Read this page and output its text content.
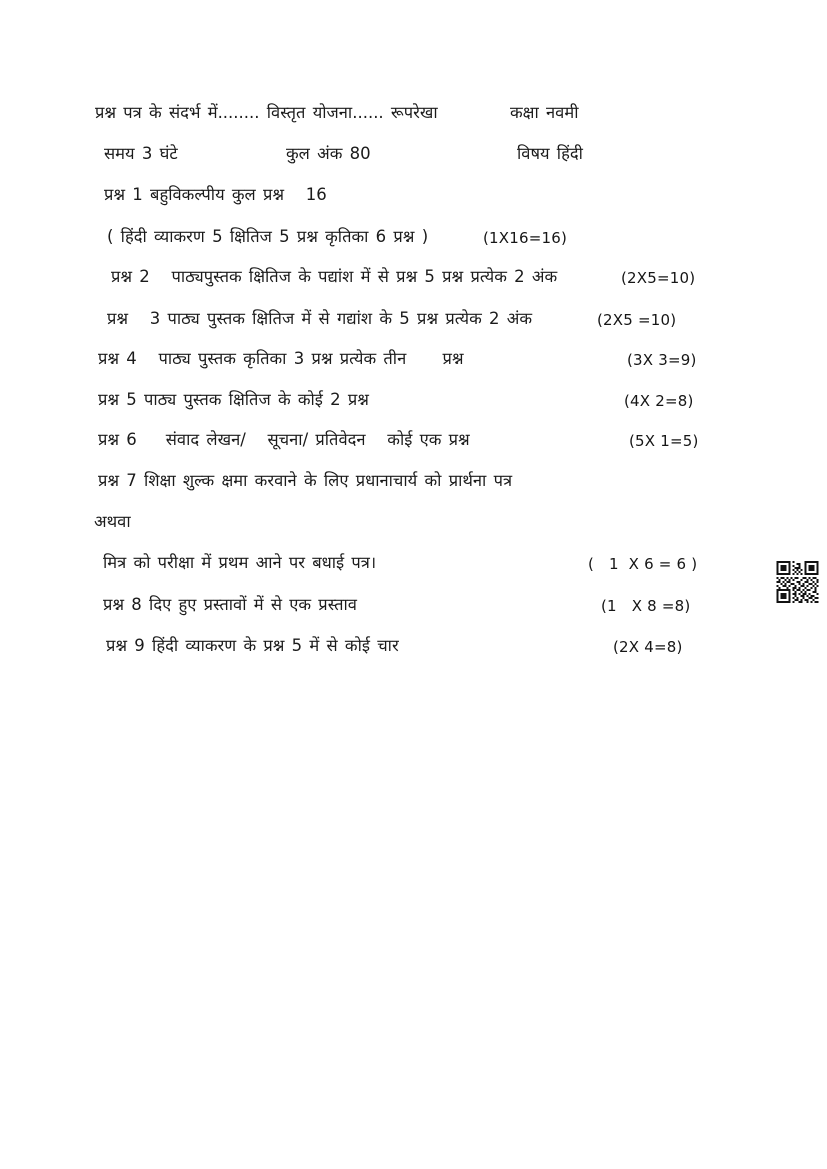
प्रश्न पत्र के संदर्भ में........ विस्तृत योजना...... रूपरेखा	कक्षा नवमी
समय 3 घंटे	कुल अंक 80	विषय हिंदी
प्रश्न 1 बहुविकल्पीय कुल प्रश्न   16
( हिंदी व्याकरण 5 क्षितिज 5 प्रश्न कृतिका 6 प्रश्न )	(1X16=16)
प्रश्न 2   पाठ्यपुस्तक क्षितिज के पद्यांश में से प्रश्न 5 प्रश्न प्रत्येक 2 अंक	(2X5=10)
प्रश्न   3 पाठ्य पुस्तक क्षितिज में से गद्यांश के 5 प्रश्न प्रत्येक 2 अंक	(2X5 =10)
प्रश्न 4   पाठ्य पुस्तक कृतिका 3 प्रश्न प्रत्येक तीन     प्रश्न	(3X 3=9)
प्रश्न 5 पाठ्य पुस्तक क्षितिज के कोई 2 प्रश्न	(4X 2=8)
प्रश्न 6    संवाद लेखन/   सूचना/ प्रतिवेदन   कोई एक प्रश्न	(5X 1=5)
प्रश्न 7 शिक्षा शुल्क क्षमा करवाने के लिए प्रधानाचार्य को प्रार्थना पत्र
अथवा
मित्र को परीक्षा में प्रथम आने पर बधाई पत्र।	(   1  X 6 = 6 )
प्रश्न 8 दिए हुए प्रस्तावों में से एक प्रस्ताव	(1   X 8 =8)
प्रश्न 9 हिंदी व्याकरण के प्रश्न 5 में से कोई चार	(2X 4=8)
